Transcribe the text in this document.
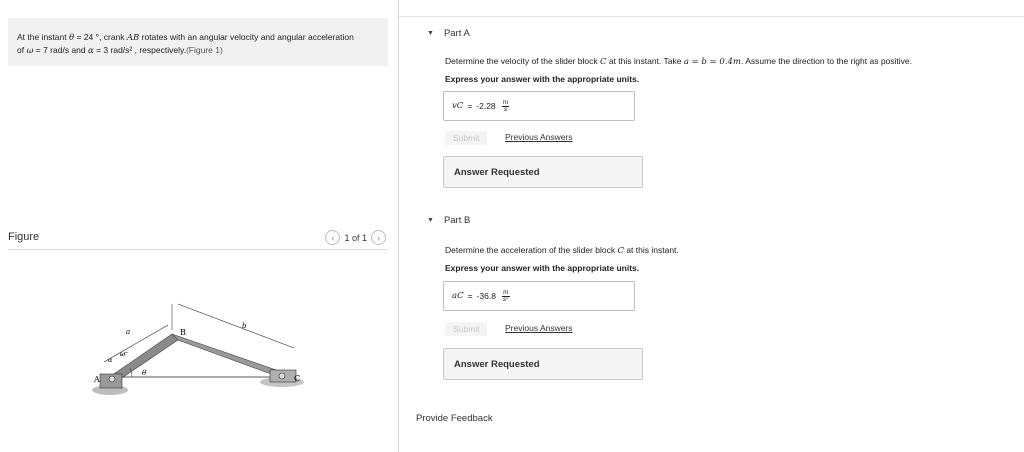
At the instant θ = 24 °, crank AB rotates with an angular velocity and angular acceleration
of ω = 7 rad/s and α = 3 rad/s² , respectively.(Figure 1)
Figure	‹	1 of 1	›
a
b
A
B
C
θ
ω
α
▼ Part A
Determine the velocity of the slider block C at this instant. Take a = b = 0.4m. Assume the direction to the right as positive.
Express your answer with the appropriate units.
vC = $-2.28 \frac{m}{s}$
Submit	Previous Answers
Answer Requested
▼ Part B
Determine the acceleration of the slider block C at this instant.
Express your answer with the appropriate units.
aC = $-36.8 \frac{m}{\text{s²}}$
Submit	Previous Answers
Answer Requested
Provide Feedback
